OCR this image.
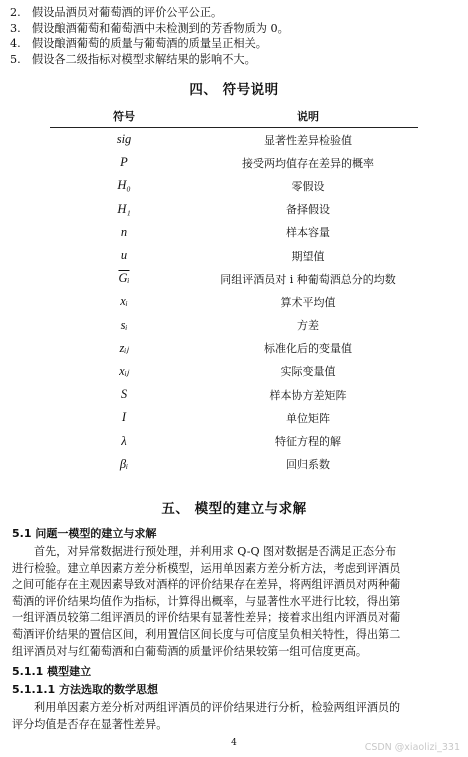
2. 假设品酒员对葡萄酒的评价公平公正。
3. 假设酿酒葡萄和葡萄酒中未检测到的芳香物质为 0。
4. 假设酿酒葡萄的质量与葡萄酒的质量呈正相关。
5. 假设各二级指标对模型求解结果的影响不大。
四、 符号说明
符号	说明
sig	显著性差异检验值
P	接受两均值存在差异的概率
H₀	零假设
H₁	备择假设
n	样本容量
u	期望值
$\overline{Gᵢ}$	同组评酒员对 i 种葡萄酒总分的均数
xᵢ	算术平均值
sᵢ	方差
zᵢⱼ	标准化后的变量值
xᵢⱼ	实际变量值
S	样本协方差矩阵
I	单位矩阵
λ	特征方程的解
βᵢ	回归系数
五、 模型的建立与求解
5.1 问题一模型的建立与求解
首先，对异常数据进行预处理，并利用求 Q-Q 图对数据是否满足正态分布
进行检验。建立单因素方差分析模型，运用单因素方差分析方法，考虑到评酒员
之间可能存在主观因素导致对酒样的评价结果存在差异，将两组评酒员对两种葡
萄酒的评价结果均值作为指标，计算得出概率，与显著性水平进行比较，得出第
一组评酒员较第二组评酒员的评价结果有显著性差异；接着求出组内评酒员对葡
萄酒评价结果的置信区间，利用置信区间长度与可信度呈负相关特性，得出第二
组评酒员对与红葡萄酒和白葡萄酒的质量评价结果较第一组可信度更高。
5.1.1 模型建立
5.1.1.1 方法选取的数学思想
利用单因素方差分析对两组评酒员的评价结果进行分析，检验两组评酒员的
评分均值是否存在显著性差异。
4	CSDN @xiaolizi_331
